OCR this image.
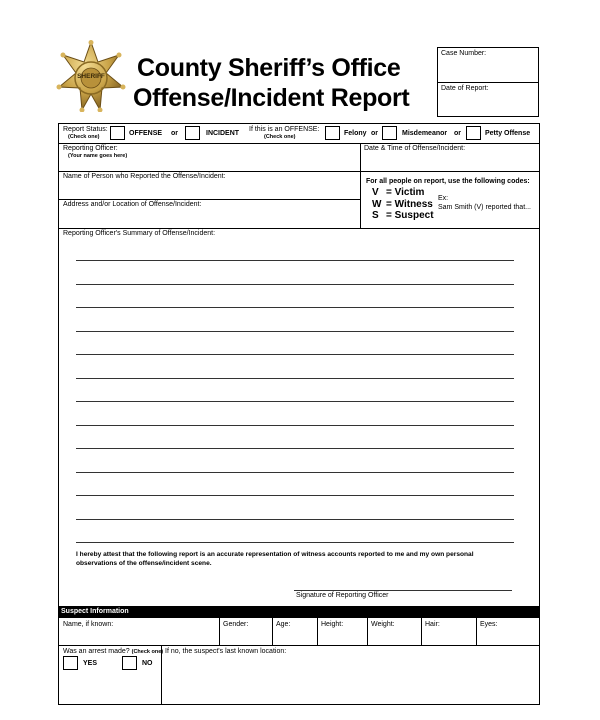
SHERIFF	County Sheriff’s Office
Offense/Incident Report
Case Number:
Date of Report:
Report Status:
(Check one)	OFFENSE or	INCIDENT
If this is an OFFENSE:
(Check one)	Felony or	Misdemeanor or	Petty Offense
Reporting Officer:
(Your name goes here)
Date & Time of Offense/Incident:
Name of Person who Reported the Offense/Incident:
Address and/or Location of Offense/Incident:
For all people on report, use the following codes:
V = Victim
W = Witness
S = Suspect
Ex:
Sam Smith (V) reported that...
Reporting Officer's Summary of Offense/Incident:
I hereby attest that the following report is an accurate representation of witness accounts reported to me and my own personal
observations of the offense/incident scene.
Signature of Reporting Officer
Suspect Information
Name, if known:	Gender:	Age:	Height:	Weight:	Hair:	Eyes:
Was an arrest made? (Check one)
YES	NO
If no, the suspect's last known location:
